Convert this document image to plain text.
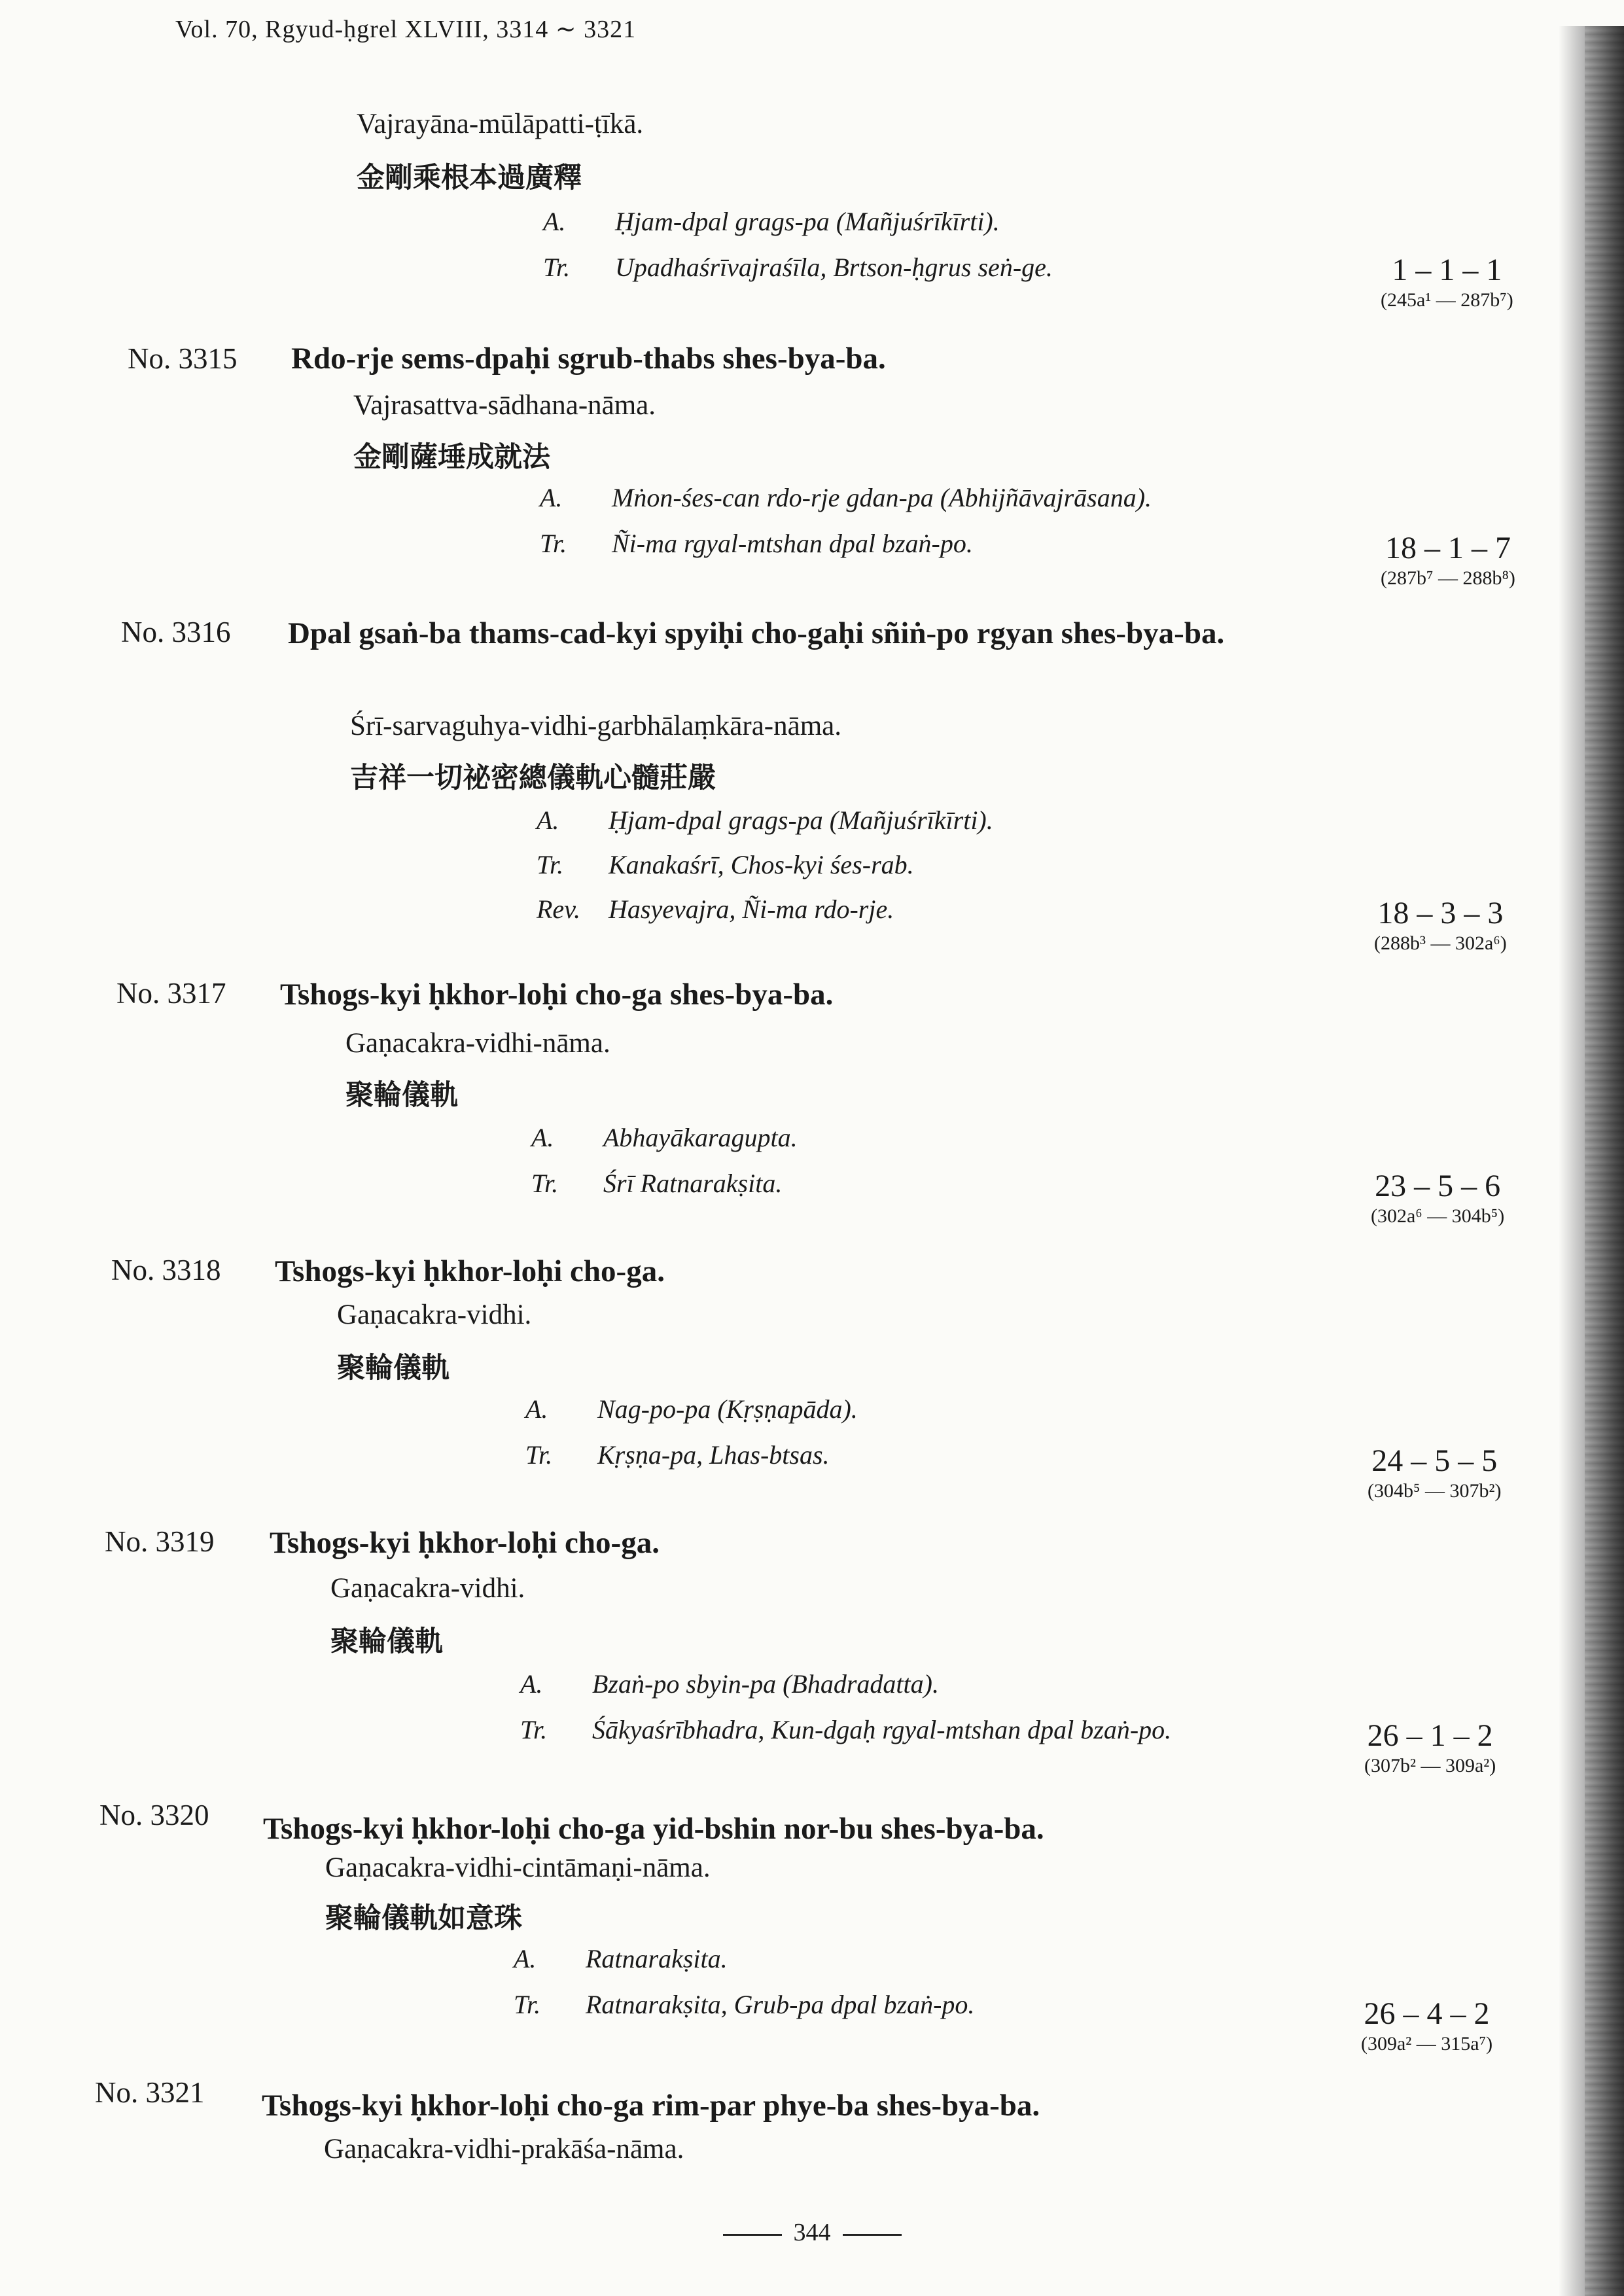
Vol. 70, Rgyud-ḥgrel XLVIII, 3314 ∼ 3321
Vajrayāna-mūlāpatti-ṭīkā.
金剛乘根本過廣釋
A. Ḥjam-dpal grags-pa (Mañjuśrīkīrti).
Tr. Upadhaśrīvajraśīla, Brtson-ḥgrus seṅ-ge.	1 – 1 – 1
(245a¹ — 287b⁷)
No. 3315 Rdo-rje sems-dpaḥi sgrub-thabs shes-bya-ba.
Vajrasattva-sādhana-nāma.
金剛薩埵成就法
A. Mṅon-śes-can rdo-rje gdan-pa (Abhijñāvajrāsana).
Tr. Ñi-ma rgyal-mtshan dpal bzaṅ-po.	18 – 1 – 7
(287b⁷ — 288b⁸)
No. 3316 Dpal gsaṅ-ba thams-cad-kyi spyiḥi cho-gaḥi sñiṅ-po rgyan shes-bya-ba.
Śrī-sarvaguhya-vidhi-garbhālaṃkāra-nāma.
吉祥一切祕密總儀軌心髓莊嚴
A. Ḥjam-dpal grags-pa (Mañjuśrīkīrti).
Tr. Kanakaśrī, Chos-kyi śes-rab.
Rev. Hasyevajra, Ñi-ma rdo-rje.	18 – 3 – 3
(288b³ — 302a⁶)
No. 3317 Tshogs-kyi ḥkhor-loḥi cho-ga shes-bya-ba.
Gaṇacakra-vidhi-nāma.
聚輪儀軌
A. Abhayākaragupta.
Tr. Śrī Ratnarakṣita.	23 – 5 – 6
(302a⁶ — 304b⁵)
No. 3318 Tshogs-kyi ḥkhor-loḥi cho-ga.
Gaṇacakra-vidhi.
聚輪儀軌
A. Nag-po-pa (Kṛṣṇapāda).
Tr. Kṛṣṇa-pa, Lhas-btsas.	24 – 5 – 5
(304b⁵ — 307b²)
No. 3319 Tshogs-kyi ḥkhor-loḥi cho-ga.
Gaṇacakra-vidhi.
聚輪儀軌
A. Bzaṅ-po sbyin-pa (Bhadradatta).
Tr. Śākyaśrībhadra, Kun-dgaḥ rgyal-mtshan dpal bzaṅ-po.	26 – 1 – 2
(307b² — 309a²)
No. 3320 Tshogs-kyi ḥkhor-loḥi cho-ga yid-bshin nor-bu shes-bya-ba.
Gaṇacakra-vidhi-cintāmaṇi-nāma.
聚輪儀軌如意珠
A. Ratnarakṣita.
Tr. Ratnarakṣita, Grub-pa dpal bzaṅ-po.	26 – 4 – 2
(309a² — 315a⁷)
No. 3321 Tshogs-kyi ḥkhor-loḥi cho-ga rim-par phye-ba shes-bya-ba.
Gaṇacakra-vidhi-prakāśa-nāma.
344
